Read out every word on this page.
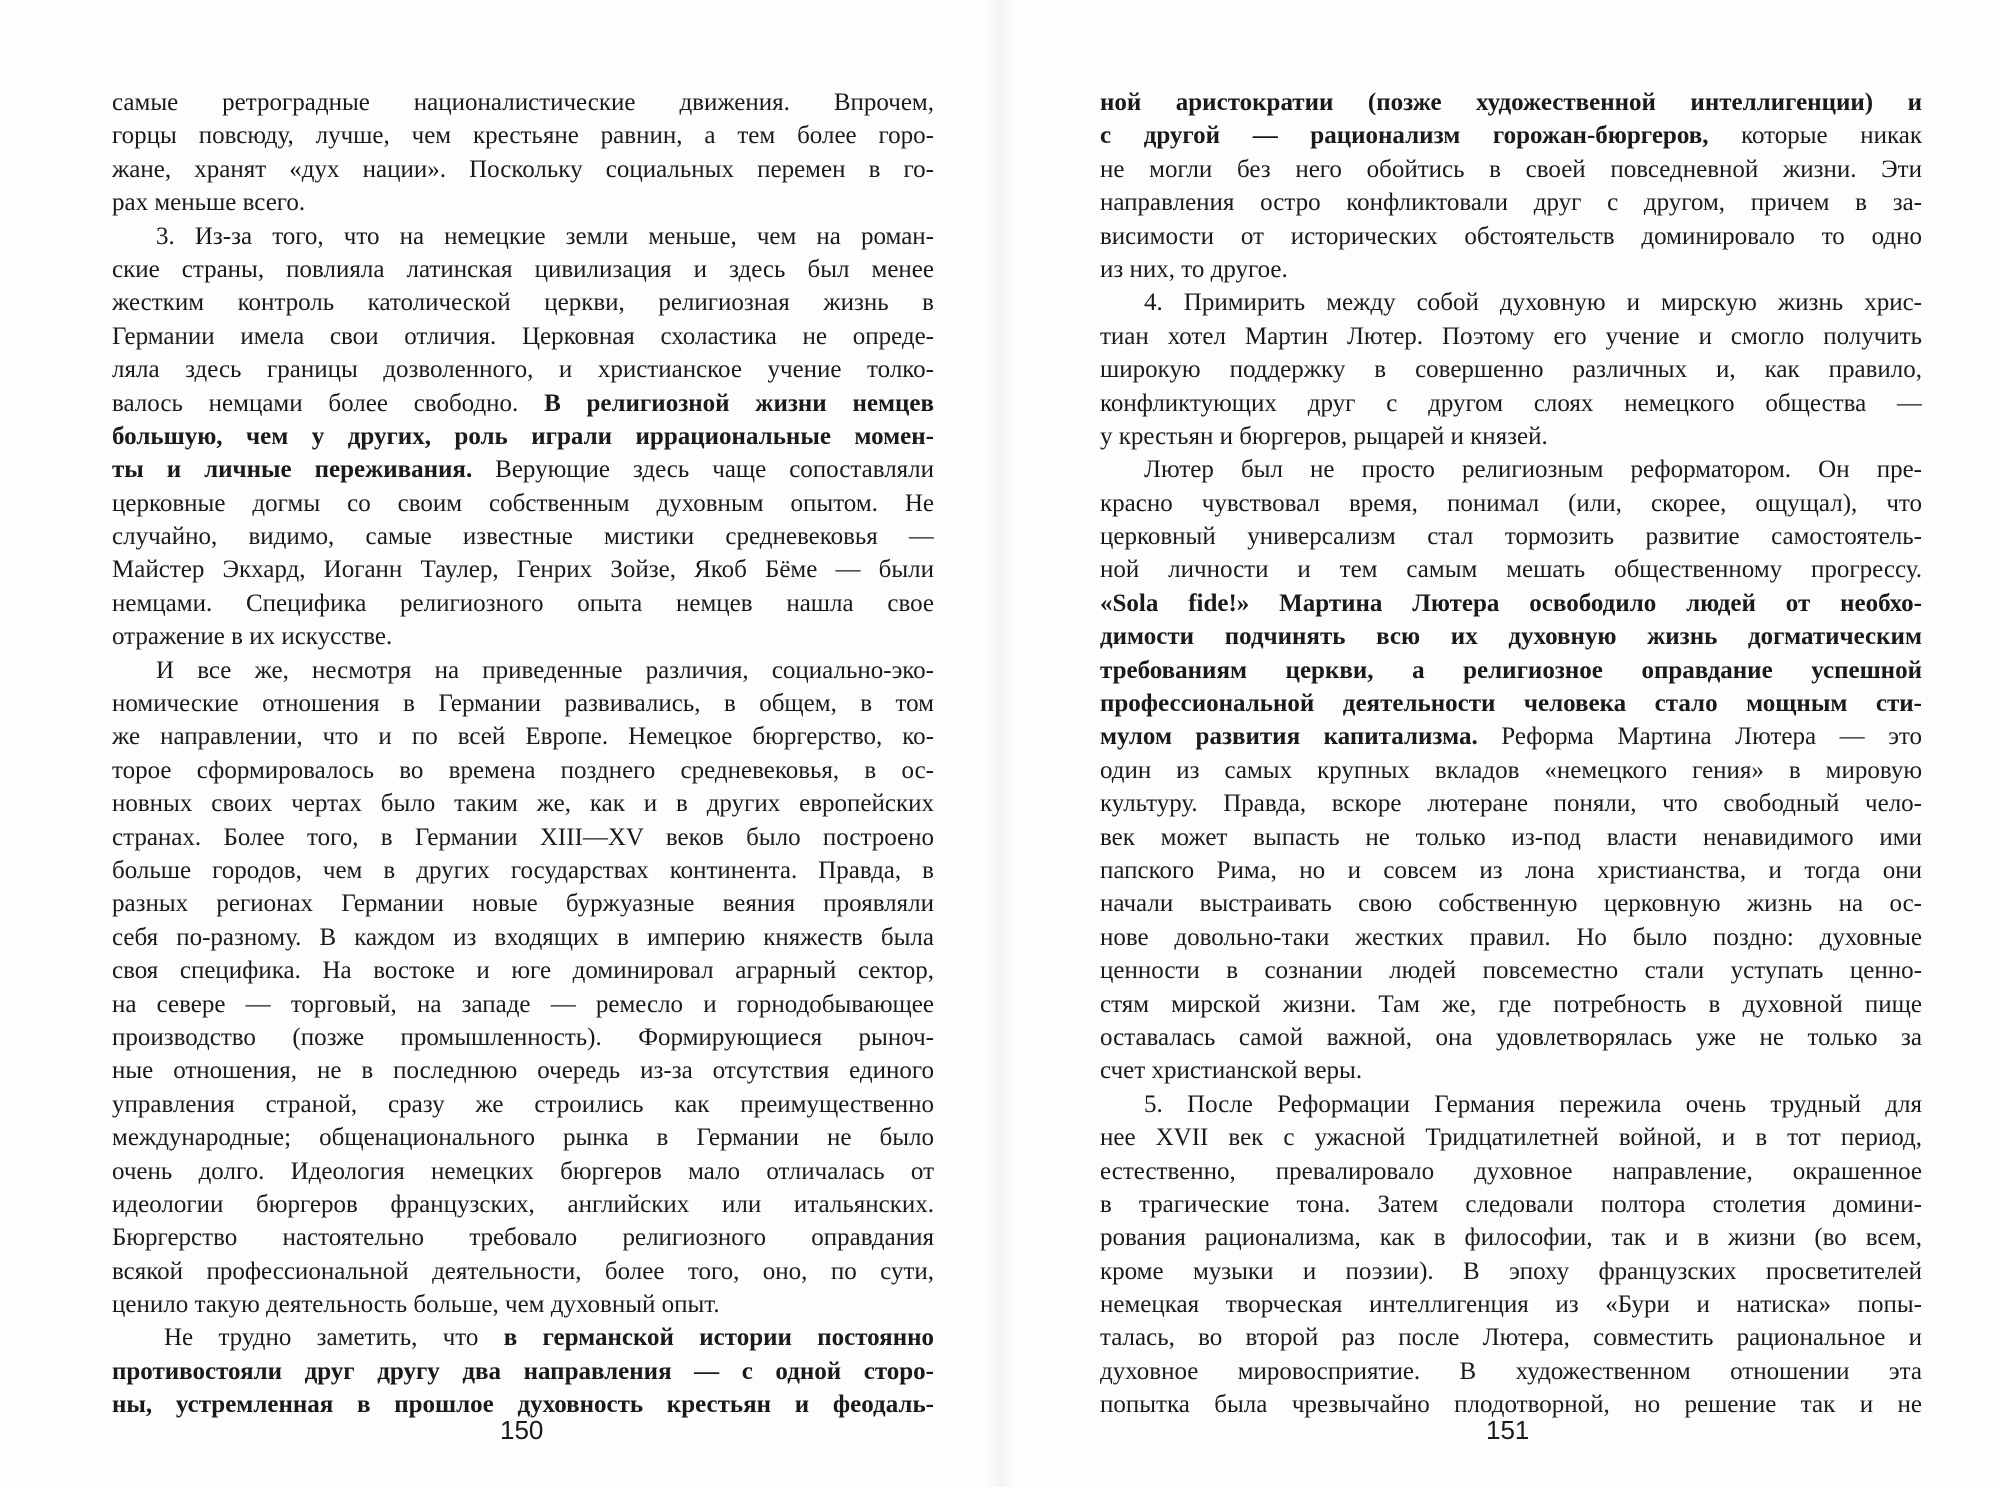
самые ретроградные националистические движения. Впрочем,
горцы повсюду, лучше, чем крестьяне равнин, а тем более горо-
жане, хранят «дух нации». Поскольку социальных перемен в го-
рах меньше всего.
3. Из-за того, что на немецкие земли меньше, чем на роман-
ские страны, повлияла латинская цивилизация и здесь был менее
жестким контроль католической церкви, религиозная жизнь в
Германии имела свои отличия. Церковная схоластика не опреде-
ляла здесь границы дозволенного, и христианское учение толко-
валось немцами более свободно. В религиозной жизни немцев
большую, чем у других, роль играли иррациональные момен-
ты и личные переживания. Верующие здесь чаще сопоставляли
церковные догмы со своим собственным духовным опытом. Не
случайно, видимо, самые известные мистики средневековья —
Майстер Экхард, Иоганн Таулер, Генрих Зойзе, Якоб Бёме — были
немцами. Специфика религиозного опыта немцев нашла свое
отражение в их искусстве.
И все же, несмотря на приведенные различия, социально-эко-
номические отношения в Германии развивались, в общем, в том
же направлении, что и по всей Европе. Немецкое бюргерство, ко-
торое сформировалось во времена позднего средневековья, в ос-
новных своих чертах было таким же, как и в других европейских
странах. Более того, в Германии XIII—XV веков было построено
больше городов, чем в других государствах континента. Правда, в
разных регионах Германии новые буржуазные веяния проявляли
себя по-разному. В каждом из входящих в империю княжеств была
своя специфика. На востоке и юге доминировал аграрный сектор,
на севере — торговый, на западе — ремесло и горнодобывающее
производство (позже промышленность). Формирующиеся рыноч-
ные отношения, не в последнюю очередь из-за отсутствия единого
управления страной, сразу же строились как преимущественно
международные; общенационального рынка в Германии не было
очень долго. Идеология немецких бюргеров мало отличалась от
идеологии бюргеров французских, английских или итальянских.
Бюргерство настоятельно требовало религиозного оправдания
всякой профессиональной деятельности, более того, оно, по сути,
ценило такую деятельность больше, чем духовный опыт.
Не трудно заметить, что в германской истории постоянно
противостояли друг другу два направления — с одной сторо-
ны, устремленная в прошлое духовность крестьян и феодаль-
ной аристократии (позже художественной интеллигенции) и
с другой — рационализм горожан-бюргеров, которые никак
не могли без него обойтись в своей повседневной жизни. Эти
направления остро конфликтовали друг с другом, причем в за-
висимости от исторических обстоятельств доминировало то одно
из них, то другое.
4. Примирить между собой духовную и мирскую жизнь хрис-
тиан хотел Мартин Лютер. Поэтому его учение и смогло получить
широкую поддержку в совершенно различных и, как правило,
конфликтующих друг с другом слоях немецкого общества —
у крестьян и бюргеров, рыцарей и князей.
Лютер был не просто религиозным реформатором. Он пре-
красно чувствовал время, понимал (или, скорее, ощущал), что
церковный универсализм стал тормозить развитие самостоятель-
ной личности и тем самым мешать общественному прогрессу.
«Sola fide!» Мартина Лютера освободило людей от необхо-
димости подчинять всю их духовную жизнь догматическим
требованиям церкви, а религиозное оправдание успешной
профессиональной деятельности человека стало мощным сти-
мулом развития капитализма. Реформа Мартина Лютера — это
один из самых крупных вкладов «немецкого гения» в мировую
культуру. Правда, вскоре лютеране поняли, что свободный чело-
век может выпасть не только из-под власти ненавидимого ими
папского Рима, но и совсем из лона христианства, и тогда они
начали выстраивать свою собственную церковную жизнь на ос-
нове довольно-таки жестких правил. Но было поздно: духовные
ценности в сознании людей повсеместно стали уступать ценно-
стям мирской жизни. Там же, где потребность в духовной пище
оставалась самой важной, она удовлетворялась уже не только за
счет христианской веры.
5. После Реформации Германия пережила очень трудный для
нее XVII век с ужасной Тридцатилетней войной, и в тот период,
естественно, превалировало духовное направление, окрашенное
в трагические тона. Затем следовали полтора столетия домини-
рования рационализма, как в философии, так и в жизни (во всем,
кроме музыки и поэзии). В эпоху французских просветителей
немецкая творческая интеллигенция из «Бури и натиска» попы-
талась, во второй раз после Лютера, совместить рациональное и
духовное мировосприятие. В художественном отношении эта
попытка была чрезвычайно плодотворной, но решение так и не
150	151
